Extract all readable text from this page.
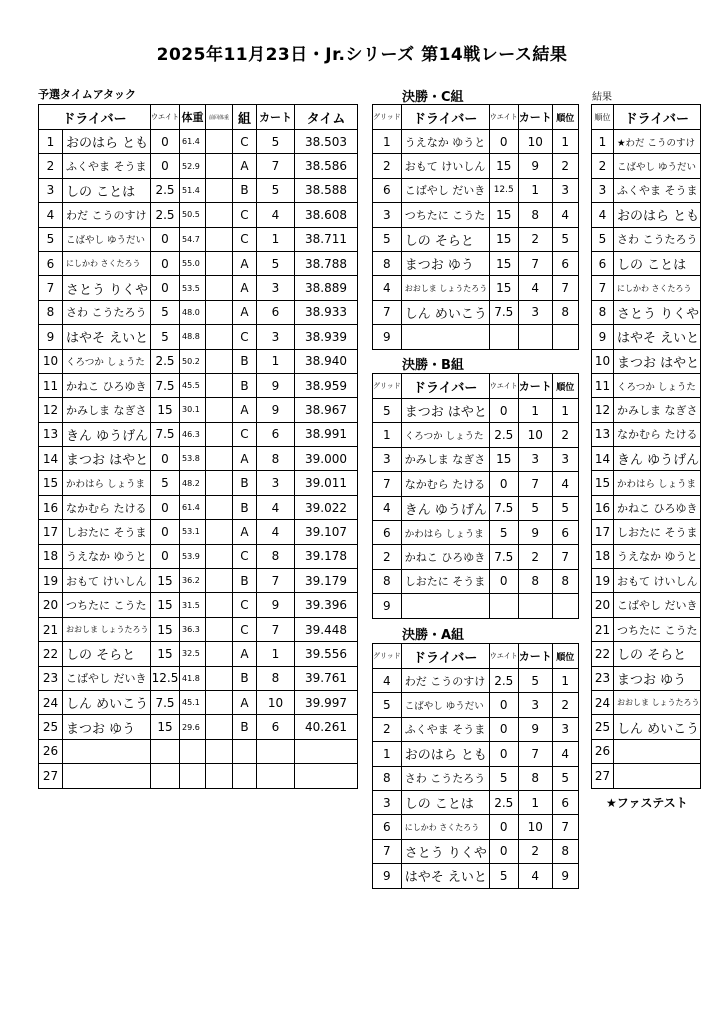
2025年11月23日・Jr.シリーズ 第14戦レース結果
予選タイムアタック
ドライバー		ウエイト	体重	前回体重	組	カート	タイム
1	おのはら とも	0	61.4		C	5	38.503
2	ふくやま そうま	0	52.9		A	7	38.586
3	しの ことは	2.5	51.4		B	5	38.588
4	わだ こうのすけ	2.5	50.5		C	4	38.608
5	こばやし ゆうだい	0	54.7		C	1	38.711
6	にしかわ さくたろう	0	55.0		A	5	38.788
7	さとう りくや	0	53.5		A	3	38.889
8	さわ こうたろう	5	48.0		A	6	38.933
9	はやそ えいと	5	48.8		C	3	38.939
10	くろつか しょうた	2.5	50.2		B	1	38.940
11	かねこ ひろゆき	7.5	45.5		B	9	38.959
12	かみしま なぎさ	15	30.1		A	9	38.967
13	きん ゆうげん	7.5	46.3		C	6	38.991
14	まつお はやと	0	53.8		A	8	39.000
15	かわはら しょうま	5	48.2		B	3	39.011
16	なかむら たける	0	61.4		B	4	39.022
17	しおたに そうま	0	53.1		A	4	39.107
18	うえなか ゆうと	0	53.9		C	8	39.178
19	おもて けいしん	15	36.2		B	7	39.179
20	つちたに こうた	15	31.5		C	9	39.396
21	おおしま しょうたろう	15	36.3		C	7	39.448
22	しの そらと	15	32.5		A	1	39.556
23	こばやし だいき	12.5	41.8		B	8	39.761
24	しん めいこう	7.5	45.1		A	10	39.997
25	まつお ゆう	15	29.6		B	6	40.261
26							
27							
決勝・C組
グリッド	ドライバー	ウエイト	カート	順位
1	うえなか ゆうと	0	10	1
2	おもて けいしん	15	9	2
6	こばやし だいき	12.5	1	3
3	つちたに こうた	15	8	4
5	しの そらと	15	2	5
8	まつお ゆう	15	7	6
4	おおしま しょうたろう	15	4	7
7	しん めいこう	7.5	3	8
9				
決勝・B組
グリッド	ドライバー	ウエイト	カート	順位
5	まつお はやと	0	1	1
1	くろつか しょうた	2.5	10	2
3	かみしま なぎさ	15	3	3
7	なかむら たける	0	7	4
4	きん ゆうげん	7.5	5	5
6	かわはら しょうま	5	9	6
2	かねこ ひろゆき	7.5	2	7
8	しおたに そうま	0	8	8
9				
決勝・A組
グリッド	ドライバー	ウエイト	カート	順位
4	わだ こうのすけ	2.5	5	1
5	こばやし ゆうだい	0	3	2
2	ふくやま そうま	0	9	3
1	おのはら とも	0	7	4
8	さわ こうたろう	5	8	5
3	しの ことは	2.5	1	6
6	にしかわ さくたろう	0	10	7
7	さとう りくや	0	2	8
9	はやそ えいと	5	4	9
結果
順位	ドライバー
1	★わだ こうのすけ
2	こばやし ゆうだい
3	ふくやま そうま
4	おのはら とも
5	さわ こうたろう
6	しの ことは
7	にしかわ さくたろう
8	さとう りくや
9	はやそ えいと
10	まつお はやと
11	くろつか しょうた
12	かみしま なぎさ
13	なかむら たける
14	きん ゆうげん
15	かわはら しょうま
16	かねこ ひろゆき
17	しおたに そうま
18	うえなか ゆうと
19	おもて けいしん
20	こばやし だいき
21	つちたに こうた
22	しの そらと
23	まつお ゆう
24	おおしま しょうたろう
25	しん めいこう
26	
27	
★ファステスト
